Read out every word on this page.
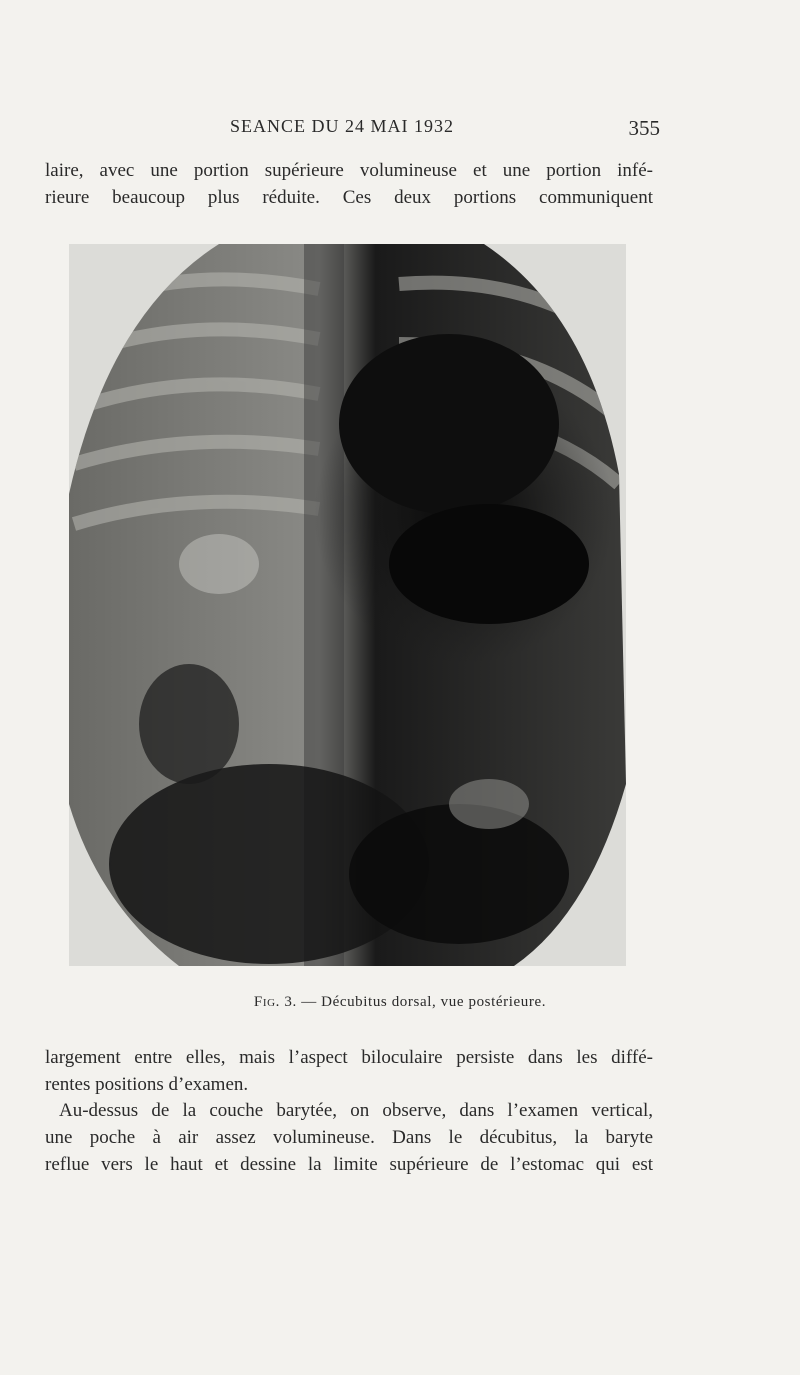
SEANCE DU 24 MAI 1932	355
laire, avec une portion supérieure volumineuse et une portion infé-
rieure beaucoup plus réduite. Ces deux portions communiquent
Fig. 3. — Décubitus dorsal, vue postérieure.
largement entre elles, mais l’aspect biloculaire persiste dans les diffé-
rentes positions d’examen.
Au-dessus de la couche barytée, on observe, dans l’examen vertical,
une poche à air assez volumineuse. Dans le décubitus, la baryte
reflue vers le haut et dessine la limite supérieure de l’estomac qui est
